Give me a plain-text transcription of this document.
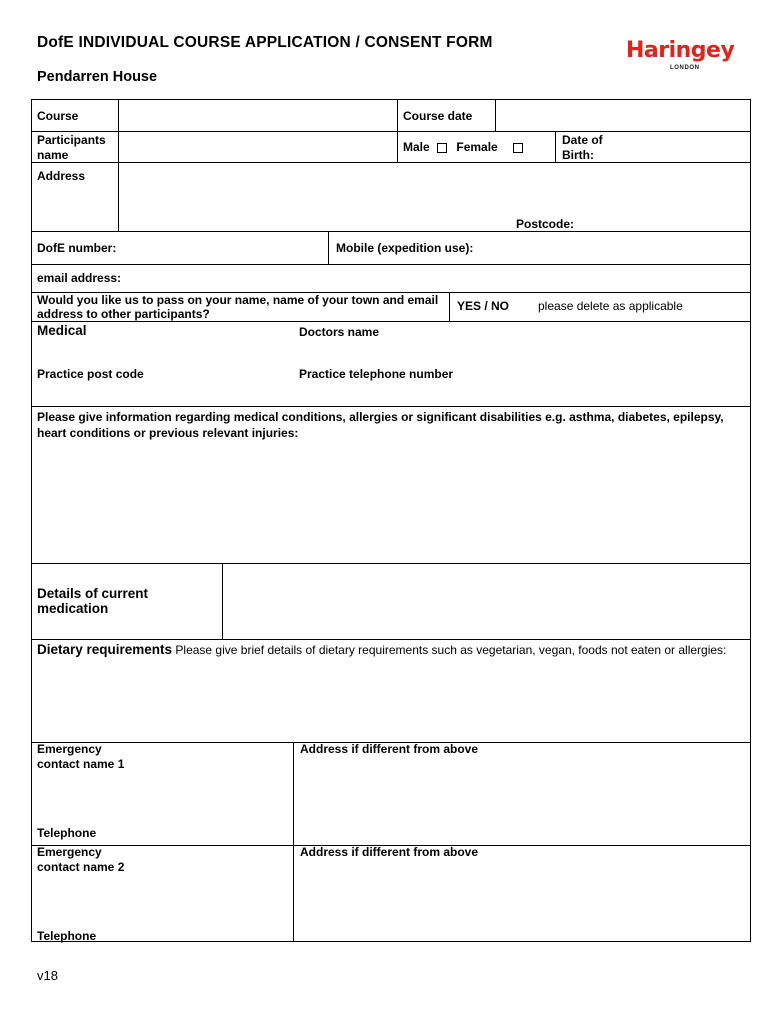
DofE INDIVIDUAL COURSE APPLICATION / CONSENT FORM
Pendarren House
Haringey
LONDON
Course	Course date
Participants name
Male Female	Date of Birth:
Address
Postcode:
DofE number:	Mobile (expedition use):
email address:
Would you like us to pass on your name, name of your town and email address to other participants?
YES / NO please delete as applicable
Medical	Doctors name
Practice post code	Practice telephone number
Please give information regarding medical conditions, allergies or significant disabilities e.g. asthma, diabetes, epilepsy, heart conditions or previous relevant injuries:
Details of current medication
Dietary requirements Please give brief details of dietary requirements such as vegetarian, vegan, foods not eaten or allergies:
Emergency contact name 1
Address if different from above
Telephone
Emergency contact name 2
Address if different from above
Telephone
v18
